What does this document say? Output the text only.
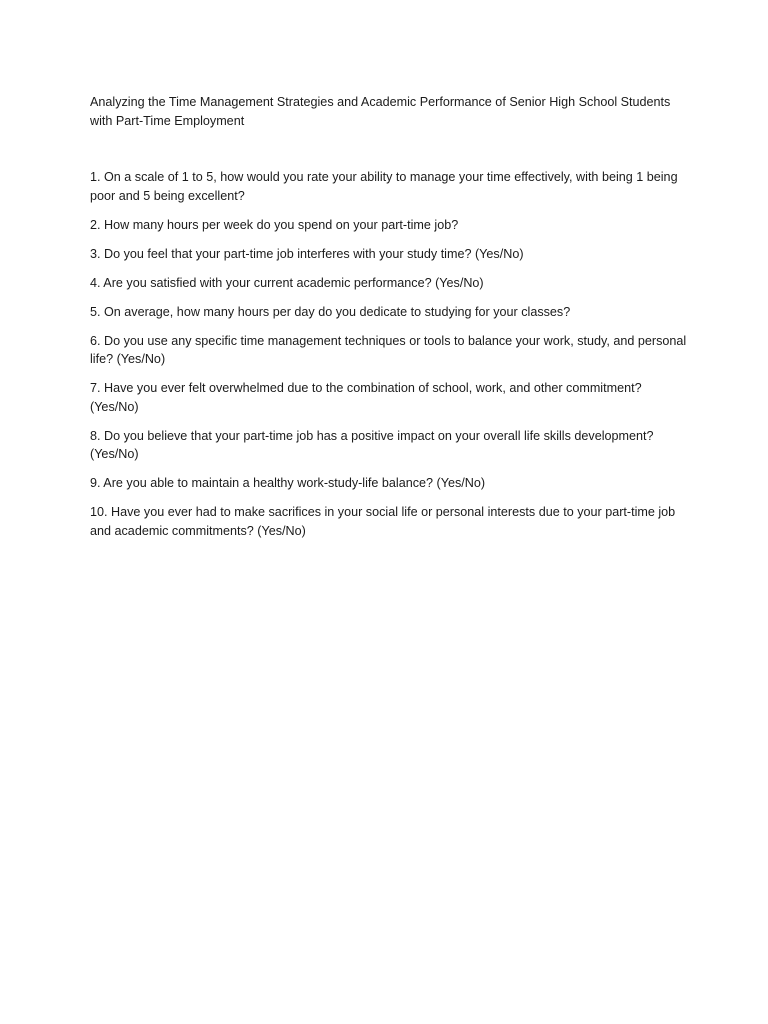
Analyzing the Time Management Strategies and Academic Performance of Senior High School Students with Part-Time Employment
1. On a scale of 1 to 5, how would you rate your ability to manage your time effectively, with being 1 being poor and 5 being excellent?
2. How many hours per week do you spend on your part-time job?
3. Do you feel that your part-time job interferes with your study time? (Yes/No)
4. Are you satisfied with your current academic performance? (Yes/No)
5. On average, how many hours per day do you dedicate to studying for your classes?
6. Do you use any specific time management techniques or tools to balance your work, study, and personal life? (Yes/No)
7. Have you ever felt overwhelmed due to the combination of school, work, and other commitment? (Yes/No)
8. Do you believe that your part-time job has a positive impact on your overall life skills development? (Yes/No)
9. Are you able to maintain a healthy work-study-life balance? (Yes/No)
10. Have you ever had to make sacrifices in your social life or personal interests due to your part-time job and academic commitments? (Yes/No)
